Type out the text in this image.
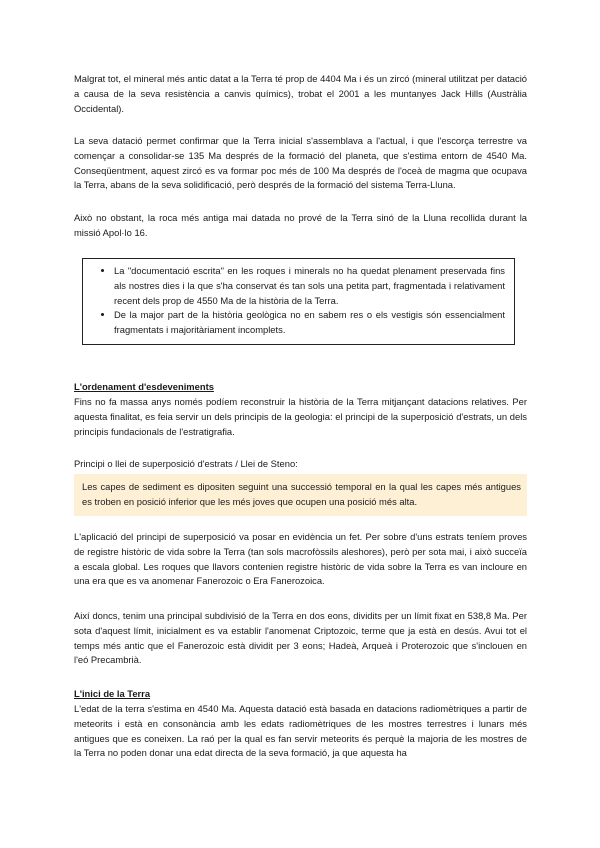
Malgrat tot, el mineral més antic datat a la Terra té prop de 4404 Ma i és un zircó (mineral utilitzat per datació a causa de la seva resistència a canvis químics), trobat el 2001 a les muntanyes Jack Hills (Austràlia Occidental).

La seva datació permet confirmar que la Terra inicial s'assemblava a l'actual, i que l'escorça terrestre va començar a consolidar-se 135 Ma després de la formació del planeta, que s'estima entorn de 4540 Ma. Conseqüentment, aquest zircó es va formar poc més de 100 Ma després de l'oceà de magma que ocupava la Terra, abans de la seva solidificació, però després de la formació del sistema Terra-Lluna.

Això no obstant, la roca més antiga mai datada no prové de la Terra sinó de la Lluna recollida durant la missió Apol·lo 16.

• La "documentació escrita" en les roques i minerals no ha quedat plenament preservada fins als nostres dies i la que s'ha conservat és tan sols una petita part, fragmentada i relativament recent dels prop de 4550 Ma de la història de la Terra.
• De la major part de la història geològica no en sabem res o els vestigis són essencialment fragmentats i majoritàriament incomplets.

L'ordenament d'esdeveniments

Fins no fa massa anys només podíem reconstruir la història de la Terra mitjançant datacions relatives. Per aquesta finalitat, es feia servir un dels principis de la geologia: el principi de la superposició d'estrats, un dels principis fundacionals de l'estratigrafia.

Principi o llei de superposició d'estrats / Llei de Steno:

Les capes de sediment es dipositen seguint una successió temporal en la qual les capes més antigues es troben en posició inferior que les més joves que ocupen una posició més alta.

L'aplicació del principi de superposició va posar en evidència un fet. Per sobre d'uns estrats teníem proves de registre històric de vida sobre la Terra (tan sols macrofòssils aleshores), però per sota mai, i això succeïa a escala global. Les roques que llavors contenien registre històric de vida sobre la Terra es van incloure en una era que es va anomenar Fanerozoic o Era Fanerozoica.

Així doncs, tenim una principal subdivisió de la Terra en dos eons, dividits per un límit fixat en 538,8 Ma. Per sota d'aquest límit, inicialment es va establir l'anomenat Criptozoic, terme que ja està en desús. Avui tot el temps més antic que el Fanerozoic està dividit per 3 eons; Hadeà, Arqueà i Proterozoic que s'inclouen en l'eó Precambrià.

L'inici de la Terra

L'edat de la terra s'estima en 4540 Ma. Aquesta datació està basada en datacions radiomètriques a partir de meteorits i està en consonància amb les edats radiomètriques de les mostres terrestres i lunars més antigues que es coneixen. La raó per la qual es fan servir meteorits és perquè la majoria de les mostres de la Terra no poden donar una edat directa de la seva formació, ja que aquesta ha
